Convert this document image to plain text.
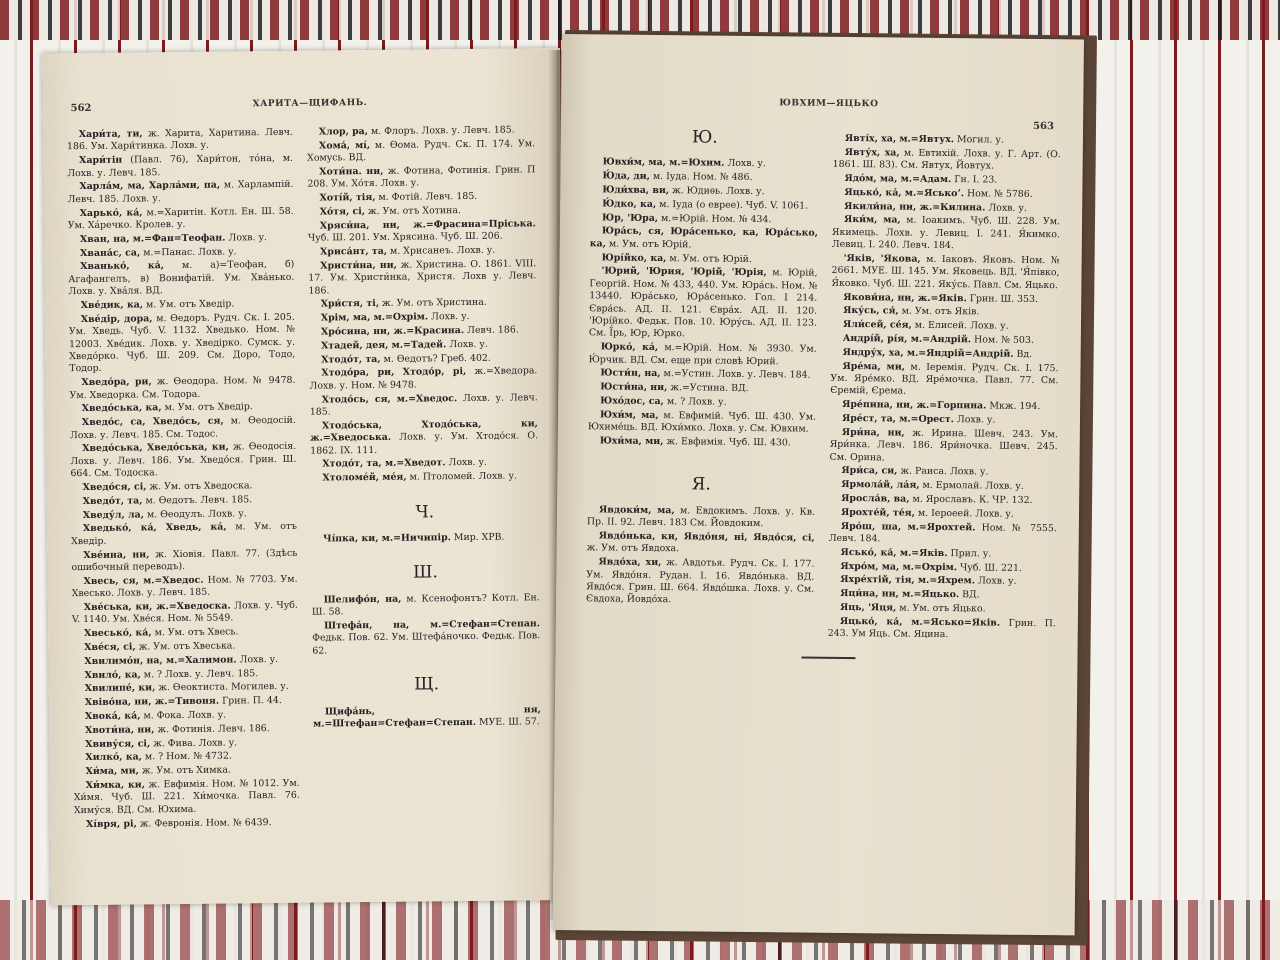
562	ХАРИТА—ЩИФАНЬ.

Хари́та, ти, ж. Харита, Харитина. Левч. 186. Ум. Хари́тинка. Лохв. у.

Хари́тін (Павл. 76), Хари́тон, то́на, м. Лохв. у. Левч. 185.

Харла́м, ма, Харла́ми, па, м. Харлампій. Левч. 185. Лохв. у.

Харько́, ка́, м.=Харитін. Котл. Ен. Ш. 58. Ум. Ха́речко. Кролев. у.

Хван, на, м.=Фан=Теофан. Лохв. у.

Хвана́с, са, м.=Панас. Лохв. у.

Хванько́, ка́, м. а)=Теофан, б) Агафангелъ, в) Вонифатій. Ум. Хва́нько. Лохв. у. Хва́ля. ВД.

Хве́дик, ка, м. Ум. отъ Хведір.

Хве́дір, дора, м. Өедоръ. Рудч. Ск. І. 205. Ум. Хведь. Чуб. V. 1132. Хведько. Ном. № 12003. Хве́дик. Лохв. у. Хведірко. Сумск. у. Хведо́рко. Чуб. Ш. 209. См. Доро, Тодо, Тодор.

Хведо́ра, ри, ж. Өеодора. Ном. № 9478. Ум. Хведорка. См. Тодора.

Хведо́ська, ка, м. Ум. отъ Хведір.

Хведо́с, са, Хведо́сь, ся, м. Өеодосій. Лохв. у. Левч. 185. См. Тодос.

Хведо́ська, Хведо́ська, ки, ж. Өеодосія. Лохв. у. Левч. 186. Ум. Хведо́ся. Грин. Ш. 664. См. Тодоска.

Хведо́ся, сі, ж. Ум. отъ Хведоска.

Хведо́т, та, м. Өедотъ. Левч. 185.

Хведу́л, ла, м. Өеодулъ. Лохв. у.

Хведько́, ка́, Хведь, ка́, м. Ум. отъ Хведір.

Хве́ина, ни, ж. Хіовія. Павл. 77. (Здѣсь ошибочный переводъ).

Хвесь, ся, м.=Хведос. Ном. № 7703. Ум. Хвесько. Лохв. у. Левч. 185.

Хве́ська, ки, ж.=Хведоска. Лохв. у. Чуб. V. 1140. Ум. Хве́ся. Ном. № 5549.

Хвеськó, ка́, м. Ум. отъ Хвесь.

Хве́ся, сі, ж. Ум. отъ Хвеська.

Хвилимо́н, на, м.=Халимон. Лохв. у.

Хвило́, ка, м. ? Лохв. у. Левч. 185.

Хвилипе́, ки, ж. Өеоктиста. Могилев. у.

Хвіво́на, ни, ж.=Тивоня. Грин. П. 44.

Хвока́, ка́, м. Фока. Лохв. у.

Хвоти́на, ни, ж. Фотинія. Левч. 186.

Хвиву́ся, сі, ж. Фива. Лохв. у.

Хилко́, ка, м. ? Ном. № 4732.

Хи́ма, ми, ж. Ум. отъ Химка.

Хи́мка, ки, ж. Евфимія. Ном. № 1012. Ум. Хи́мя. Чуб. Ш. 221. Хи́мочка. Павл. 76. Химу́ся. ВД. См. Юхима.

Хі́вря, рі, ж. Февронія. Ном. № 6439.

Хлор, ра, м. Флоръ. Лохв. у. Левч. 185.

Хома́, мі́, м. Өома. Рудч. Ск. П. 174. Ум. Хомусь. ВД.

Хоти́на. ни, ж. Фотина, Фотинія. Грин. П 208. Ум. Хо́тя. Лохв. у.

Хоті́й, тія, м. Фотій. Левч. 185.

Хо́тя, сі, ж. Ум. отъ Хотина.

Хряси́на, ни, ж.=Фрасина=Пріська. Чуб. Ш. 201. Ум. Хрясина. Чуб. Ш. 206.

Хриса́нт, та, м. Хрисанеъ. Лохв. у.

Христи́на, ни, ж. Христина. О. 1861. VIII. 17. Ум. Христи́нка, Христя. Лохв у. Левч. 186.

Хри́стя, ті, ж. Ум. отъ Христина.

Хрім, ма, м.=Охрім. Лохв. у.

Хро́сина, ни, ж.=Красина. Левч. 186.

Хтадей, дея, м.=Тадей. Лохв. у.

Хтодо́т, та, м. Өедотъ? Греб. 402.

Хтодо́ра, ри, Хтодо́р, рі, ж.=Хведора. Лохв. у. Ном. № 9478.

Хтодо́сь, ся, м.=Хведос. Лохв. у. Левч. 185.

Хтодо́ська, Хтодо́ська, ки, ж.=Хведоська. Лохв. у. Ум. Хтодо́ся. О. 1862. ІХ. 111.

Хтодо́т, та, м.=Хведот. Лохв. у.

Хтоломе́й, ме́я, м. Птоломей. Лохв. у.

Ч.

Чі́пка, ки, м.=Ничипір. Мир. ХРВ.

Ш.

Шелифо́н, на, м. Ксенофонтъ? Котл. Ен. Ш. 58.

Штефа́н, на, м.=Стефан=Степан. Федьк. Пов. 62. Ум. Штефа́ночко. Федьк. Пов. 62.

Щ.

Щифа́нь, ня, м.=Штефан=Стефан=Степан. МУЕ. Ш. 57.

ЮВХИМ—ЯЦЬКО
563
Ю.

Ювхи́м, ма, м.=Юхим. Лохв. у.

Ю́да, ди, м. Іуда. Ном. № 486.

Юди́хва, ви, ж. Юдиѳь. Лохв. у.

Ю́дко, ка, м. Іуда (о еврее). Чуб. V. 1061.

Юр, 'Юра, м.=Юрій. Ном. № 434.

Юра́сь, ся, Юра́сенько, ка, Юра́сько, ка, м. Ум. отъ Юрій.

Юрі́йко, ка, м. Ум. отъ Юрій.

'Юрий, 'Юрия, 'Юрій, 'Юрія, м. Юрій, Георгій. Ном. № 433, 440. Ум. Юра́сь. Ном. № 13440. Юра́сько, Юра́сенько. Гол. І 214. Євра́сь. АД. ІІ. 121. Євра́х. АД. ІІ. 120. 'Юрі́йко. Федьк. Пов. 10. Юру́сь. АД. ІІ. 123. См. Ї́рь, Юр, Юрко.

Юрко́, ка́, м.=Юрій. Ном. № 3930. Ум. Ю́рчик. ВД. См. еще при словѣ Юрий.

Юсти́н, на, м.=Устин. Лохв. у. Левч. 184.

Юсти́на, ни, ж.=Устина. ВД.

Юхо́дос, са, м. ? Лохв. у.

Юхи́м, ма, м. Евфимій. Чуб. Ш. 430. Ум. Юхиме́ць. ВД. Юхи́мко. Лохв. у. См. Ювхим.

Юхи́ма, ми, ж. Евфимія. Чуб. Ш. 430.

Я.

Явдоки́м, ма, м. Евдокимъ. Лохв. у. Кв. Пр. ІІ. 92. Левч. 183 См. Йовдоким.

Явдо́нька, ки, Явдо́ня, ні, Явдо́ся, сі, ж. Ум. отъ Явдоха.

Явдо́ха, хи, ж. Авдотья. Рудч. Ск. І. 177. Ум. Явдо́ня. Рудан. І. 16. Явдо́нька. ВД. Явдо́ся. Грин. Ш. 664. Явдо́шка. Лохв. у. См. Євдоха, Йовдо́ха.

Явті́х, ха, м.=Явтух. Могил. у.

Явту́х, ха, м. Евтихій. Лохв. у. Г. Арт. (О. 1861. Ш. 83). См. Явтух, Йовтух.

Ядо́м, ма, м.=Адам. Гн. І. 23.

Яцько́, ка́, м.=Яськоʼ. Ном. № 5786.

Якили́на, ни, ж.=Килина. Лохв. у.

Яки́м, ма, м. Іоакимъ. Чуб. Ш. 228. Ум. Якимець. Лохв. у. Левиц. І. 241. Я́кимко. Левиц. І. 240. Левч. 184.

'Яків, 'Якова, м. Іаковъ. Яковъ. Ном. № 2661. МУЕ. Ш. 145. Ум. Яковець. ВД. 'Я́півко, Я́ковко. Чуб. Ш. 221. Яку́сь. Павл. См. Яцько.

Якови́на, ни, ж.=Яків. Грин. Ш. 353.

Яку́сь, ся́, м. Ум. отъ Яків.

Яли́сей, се́я, м. Елисей. Лохв. у.

Андрі́й, рі́я, м.=Андрій. Ном. № 503.

Яндру́х, ха, м.=Яндрій=Андрій. Вд.

Яре́ма, ми, м. Іеремія. Рудч. Ск. І. 175. Ум. Яре́мко. ВД. Яре́мочка. Павл. 77. См. Єремій, Єрема.

Яре́пина, ни, ж.=Горпина. Мкж. 194.

Яре́ст, та, м.=Орест. Лохв. у.

Яри́на, ни, ж. Ирина. Шевч. 243. Ум. Яри́нка. Левч. 186. Яри́ночка. Шевч. 245. См. Орина.

Яри́са, си, ж. Раиса. Лохв. у.

Ярмола́й, ла́я, м. Ермолай. Лохв. у.

Яросла́в, ва, м. Ярославъ. К. ЧР. 132.

Ярохте́й, те́я, м. Іероеей. Лохв. у.

Яро́ш, ша, м.=Ярохтей. Ном. № 7555. Левч. 184.

Ясько́, ка́, м.=Яків. Прил. у.

Яхро́м, ма, м.=Охрім. Чуб. Ш. 221.

Яхре́хтій, тія, м.=Яхрем. Лохв. у.

Яци́на, ни, м.=Яцько. ВД.

Яць, 'Яця, м. Ум. отъ Яцько.

Яцько́, ка́, м.=Ясько=Яків. Грин. П. 243. Ум Яць. См. Яцина.
